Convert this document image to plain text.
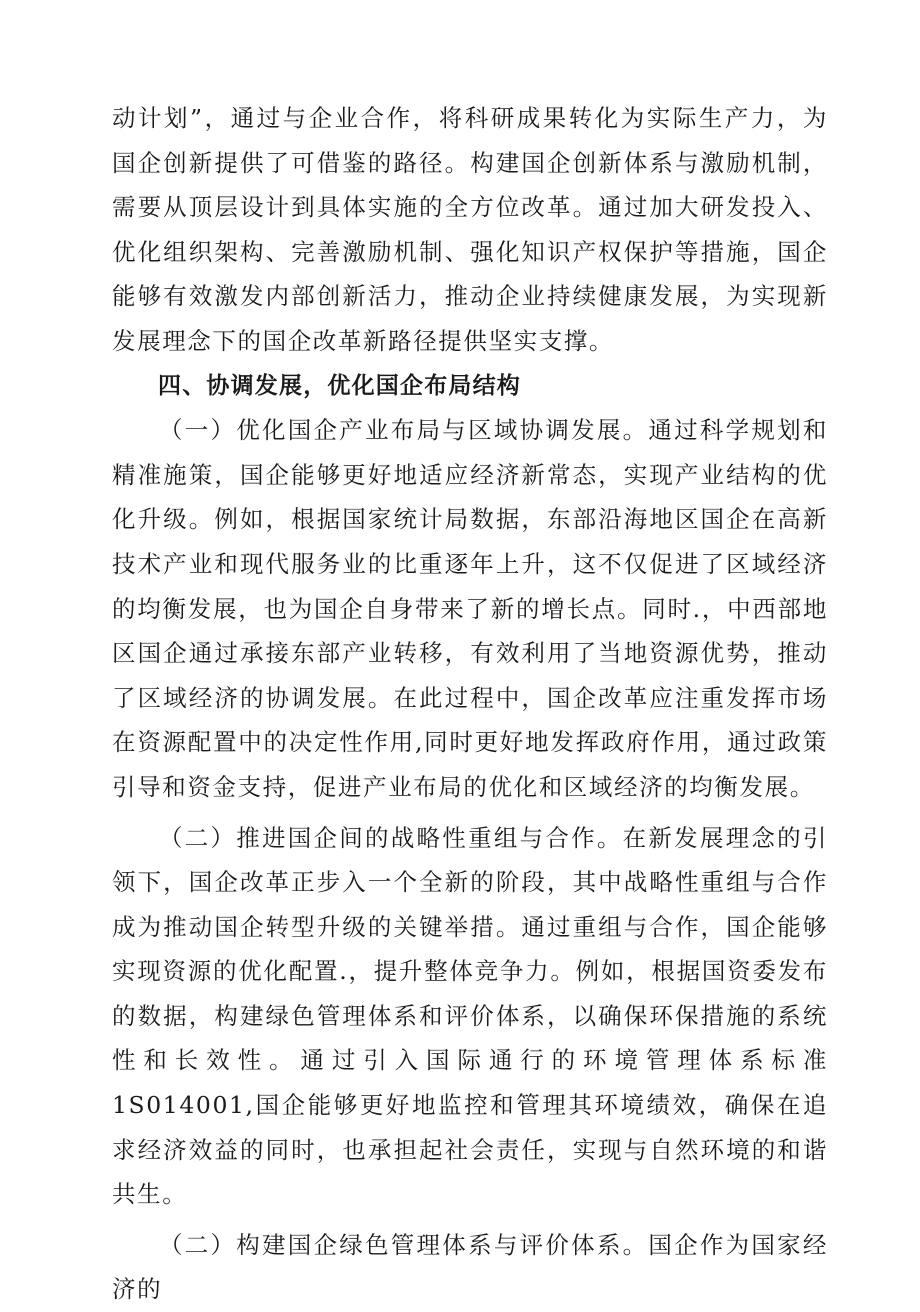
动计划”，通过与企业合作，将科研成果转化为实际生产力，为国企创新提供了可借鉴的路径。构建国企创新体系与激励机制，需要从顶层设计到具体实施的全方位改革。通过加大研发投入、优化组织架构、完善激励机制、强化知识产权保护等措施，国企能够有效激发内部创新活力，推动企业持续健康发展，为实现新发展理念下的国企改革新路径提供坚实支撑。

四、协调发展，优化国企布局结构

（一）优化国企产业布局与区域协调发展。通过科学规划和精准施策，国企能够更好地适应经济新常态，实现产业结构的优化升级。例如，根据国家统计局数据，东部沿海地区国企在高新技术产业和现代服务业的比重逐年上升，这不仅促进了区域经济的均衡发展，也为国企自身带来了新的增长点。同时.，中西部地区国企通过承接东部产业转移，有效利用了当地资源优势，推动了区域经济的协调发展。在此过程中，国企改革应注重发挥市场在资源配置中的决定性作用,同时更好地发挥政府作用，通过政策引导和资金支持，促进产业布局的优化和区域经济的均衡发展。

（二）推进国企间的战略性重组与合作。在新发展理念的引领下，国企改革正步入一个全新的阶段，其中战略性重组与合作成为推动国企转型升级的关键举措。通过重组与合作，国企能够实现资源的优化配置.，提升整体竞争力。例如，根据国资委发布的数据，构建绿色管理体系和评价体系，以确保环保措施的系统性和长效性。通过引入国际通行的环境管理体系标准1S014001,国企能够更好地监控和管理其环境绩效，确保在追求经济效益的同时，也承担起社会责任，实现与自然环境的和谐共生。

（二）构建国企绿色管理体系与评价体系。国企作为国家经济的
